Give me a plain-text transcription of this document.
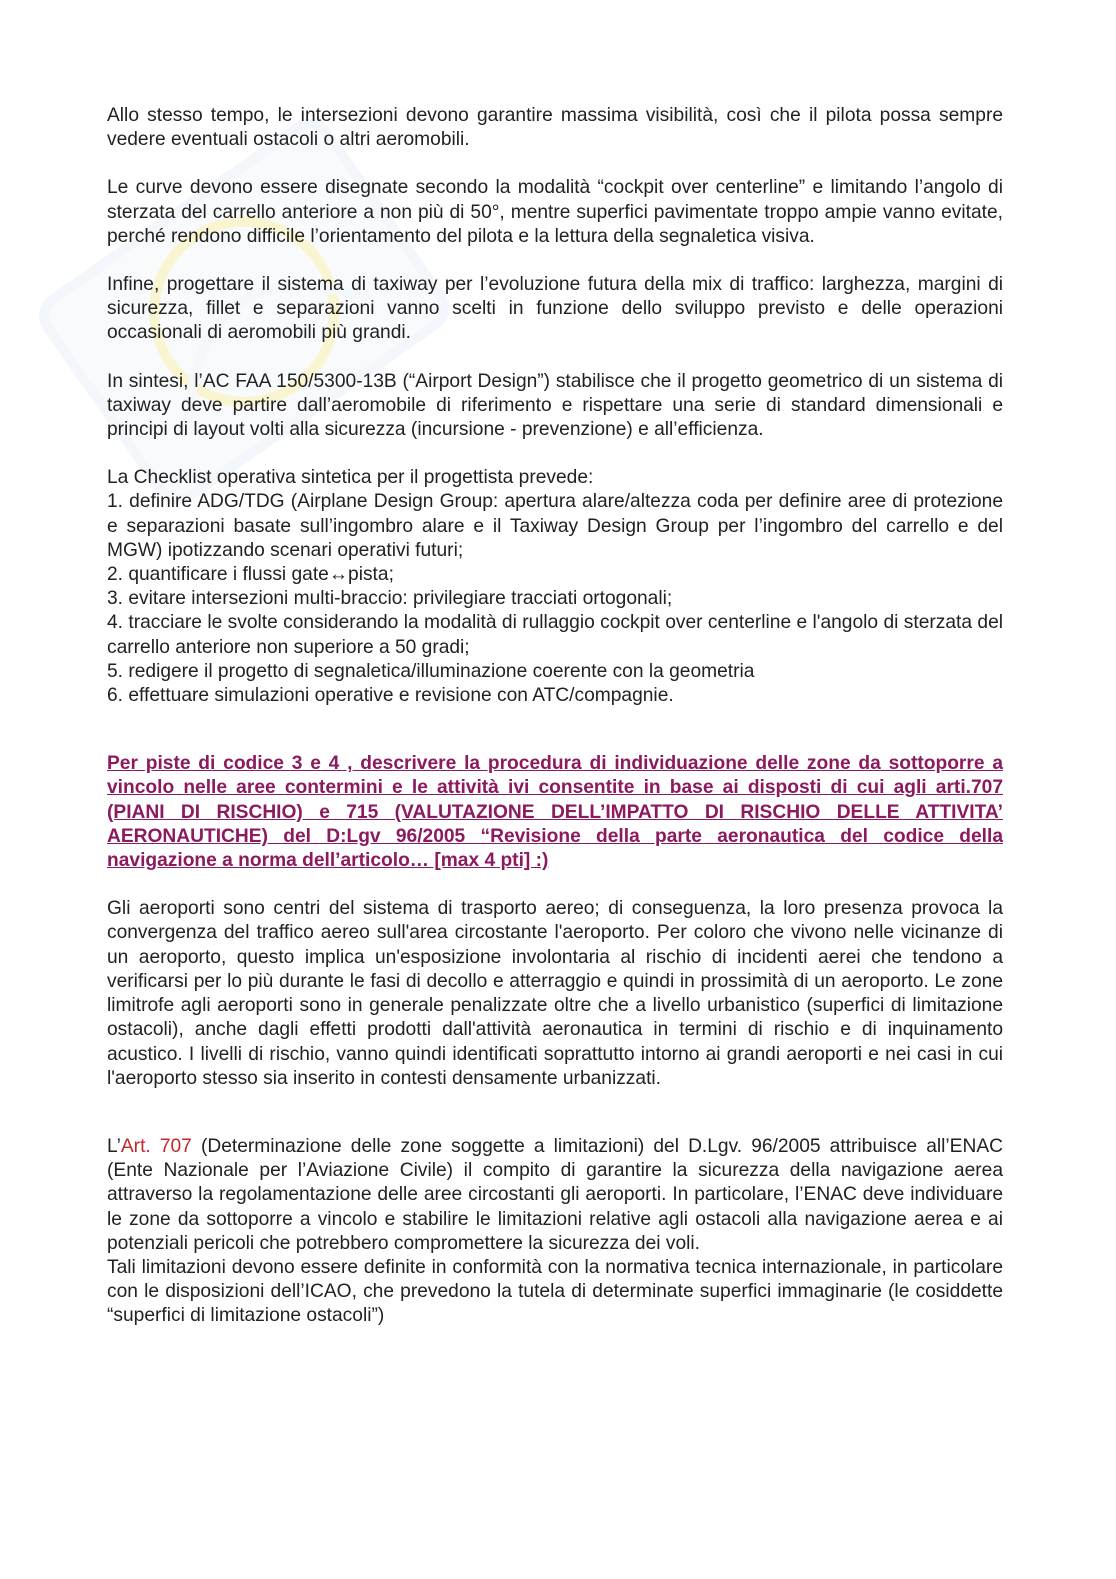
Allo stesso tempo, le intersezioni devono garantire massima visibilità, così che il pilota possa sempre vedere eventuali ostacoli o altri aeromobili.

Le curve devono essere disegnate secondo la modalità “cockpit over centerline” e limitando l’angolo di sterzata del carrello anteriore a non più di 50°, mentre superfici pavimentate troppo ampie vanno evitate, perché rendono difficile l’orientamento del pilota e la lettura della segnaletica visiva.

Infine, progettare il sistema di taxiway per l’evoluzione futura della mix di traffico: larghezza, margini di sicurezza, fillet e separazioni vanno scelti in funzione dello sviluppo previsto e delle operazioni occasionali di aeromobili più grandi.

In sintesi, l’AC FAA 150/5300-13B (“Airport Design”) stabilisce che il progetto geometrico di un sistema di taxiway deve partire dall’aeromobile di riferimento e rispettare una serie di standard dimensionali e principi di layout volti alla sicurezza (incursione - prevenzione) e all’efficienza.

La Checklist operativa sintetica per il progettista prevede:

1. definire ADG/TDG (Airplane Design Group: apertura alare/altezza coda per definire aree di protezione e separazioni basate sull’ingombro alare e il Taxiway Design Group per l’ingombro del carrello e del MGW) ipotizzando scenari operativi futuri;

2. quantificare i flussi gate↔pista;

3. evitare intersezioni multi-braccio: privilegiare tracciati ortogonali;

4. tracciare le svolte considerando la modalità di rullaggio cockpit over centerline e l'angolo di sterzata del carrello anteriore non superiore a 50 gradi;

5. redigere il progetto di segnaletica/illuminazione coerente con la geometria

6. effettuare simulazioni operative e revisione con ATC/compagnie.

Per piste di codice 3 e 4 , descrivere la procedura di individuazione delle zone da sottoporre a vincolo nelle aree contermini e le attività ivi consentite in base ai disposti di cui agli arti.707 (PIANI DI RISCHIO) e 715 (VALUTAZIONE DELL’IMPATTO DI RISCHIO DELLE ATTIVITA’ AERONAUTICHE) del D:Lgv 96/2005 “Revisione della parte aeronautica del codice della navigazione a norma dell’articolo… [max 4 pti] :)

Gli aeroporti sono centri del sistema di trasporto aereo; di conseguenza, la loro presenza provoca la convergenza del traffico aereo sull'area circostante l'aeroporto. Per coloro che vivono nelle vicinanze di un aeroporto, questo implica un'esposizione involontaria al rischio di incidenti aerei che tendono a verificarsi per lo più durante le fasi di decollo e atterraggio e quindi in prossimità di un aeroporto. Le zone limitrofe agli aeroporti sono in generale penalizzate oltre che a livello urbanistico (superfici di limitazione ostacoli), anche dagli effetti prodotti dall'attività aeronautica in termini di rischio e di inquinamento acustico. I livelli di rischio, vanno quindi identificati soprattutto intorno ai grandi aeroporti e nei casi in cui l'aeroporto stesso sia inserito in contesti densamente urbanizzati.

L’Art. 707 (Determinazione delle zone soggette a limitazioni) del D.Lgv. 96/2005 attribuisce all’ENAC (Ente Nazionale per l’Aviazione Civile) il compito di garantire la sicurezza della navigazione aerea attraverso la regolamentazione delle aree circostanti gli aeroporti. In particolare, l’ENAC deve individuare le zone da sottoporre a vincolo e stabilire le limitazioni relative agli ostacoli alla navigazione aerea e ai potenziali pericoli che potrebbero compromettere la sicurezza dei voli.

Tali limitazioni devono essere definite in conformità con la normativa tecnica internazionale, in particolare con le disposizioni dell’ICAO, che prevedono la tutela di determinate superfici immaginarie (le cosiddette “superfici di limitazione ostacoli”)
